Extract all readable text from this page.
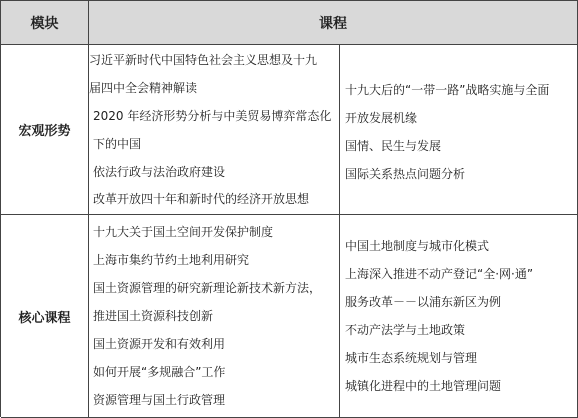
模块	课程
宏观形势
习近平新时代中国特色社会主义思想及十九
届四中全会精神解读
2020 年经济形势分析与中美贸易博弈常态化
下的中国
依法行政与法治政府建设
改革开放四十年和新时代的经济开放思想
十九大后的“一带一路”战略实施与全面
开放发展机缘
国情、民生与发展
国际关系热点问题分析
核心课程
十九大关于国土空间开发保护制度
上海市集约节约土地利用研究
国土资源管理的研究新理论新技术新方法，
推进国土资源科技创新
国土资源开发和有效利用
如何开展“多规融合”工作
资源管理与国土行政管理
中国土地制度与城市化模式
上海深入推进不动产登记“全·网·通”
服务改革－－以浦东新区为例
不动产法学与土地政策
城市生态系统规划与管理
城镇化进程中的土地管理问题
